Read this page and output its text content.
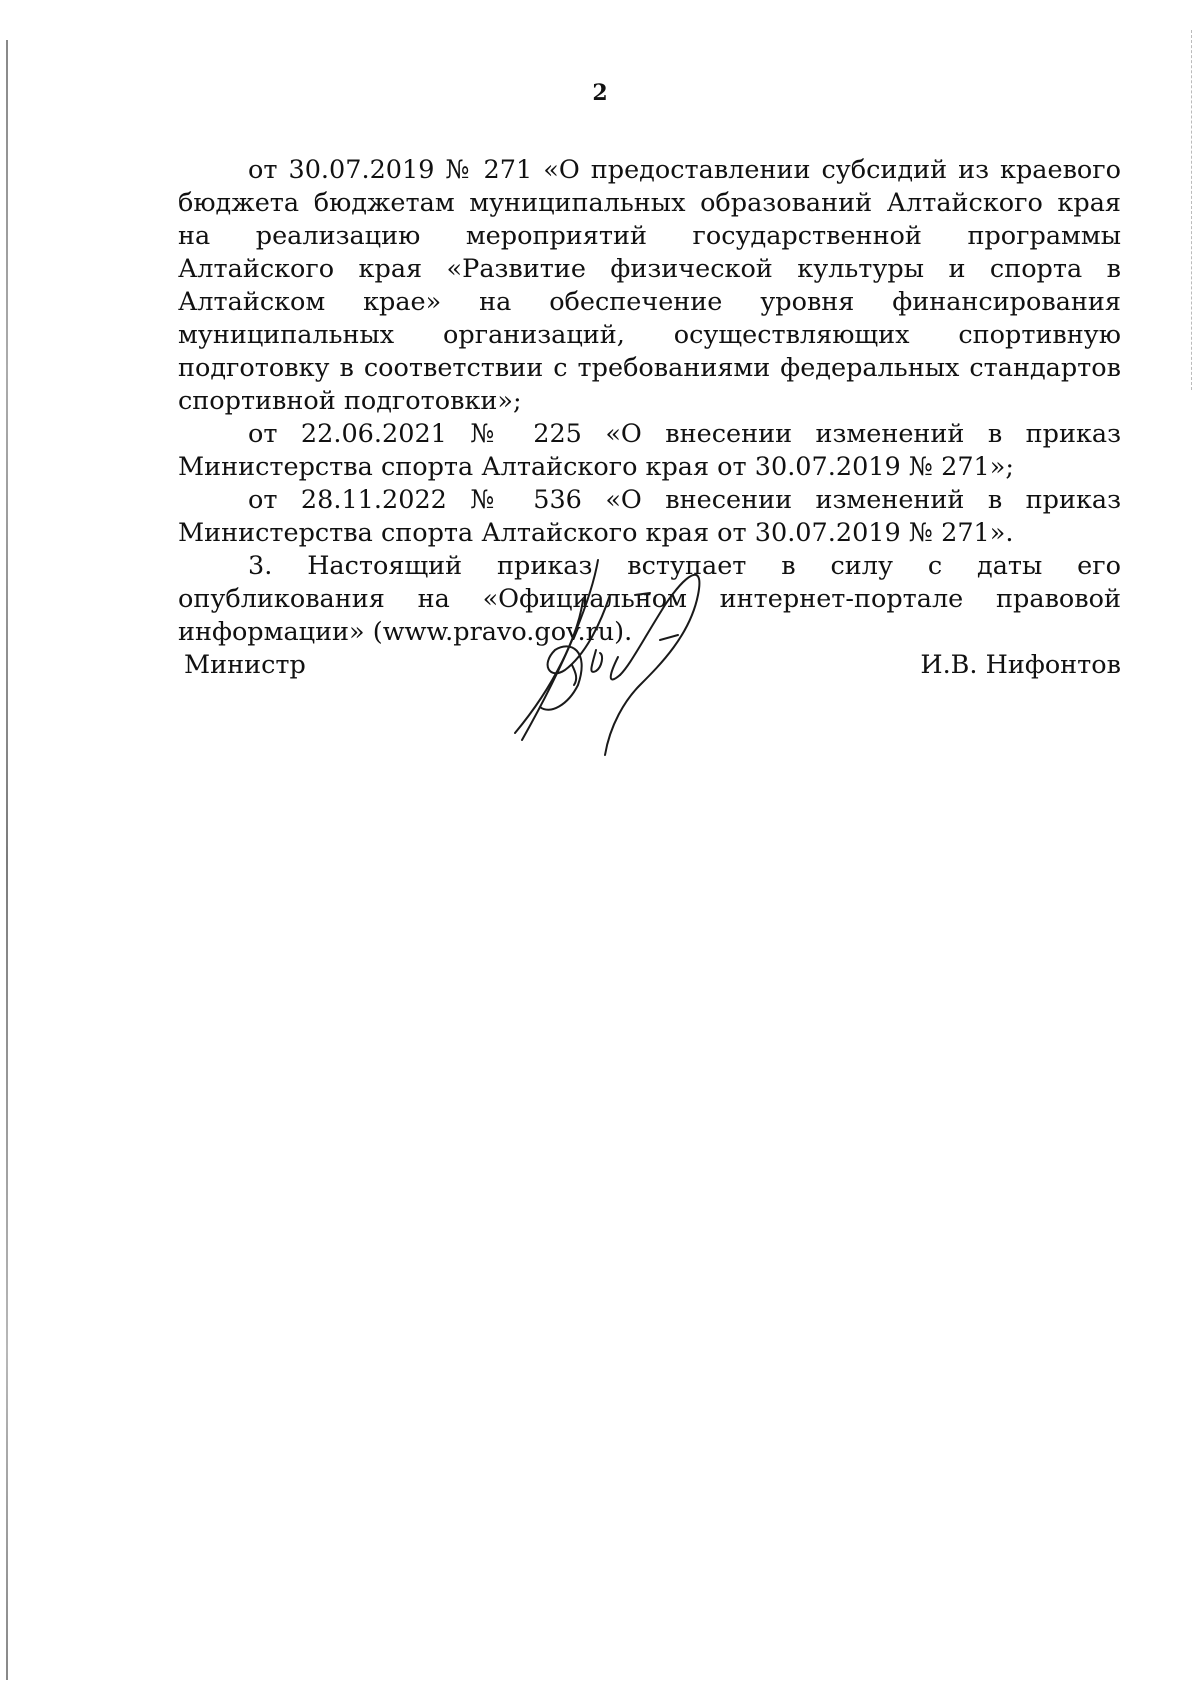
2

от 30.07.2019 № 271 «О предоставлении субсидий из краевого бюджета бюджетам муниципальных образований Алтайского края на реализацию мероприятий государственной программы Алтайского края «Развитие физической культуры и спорта в Алтайском крае» на обеспечение уровня финансирования муниципальных организаций, осуществляющих спортивную подготовку в соответствии с требованиями федеральных стандартов спортивной подготовки»;

от 22.06.2021 № 225 «О внесении изменений в приказ Министерства спорта Алтайского края от 30.07.2019 № 271»;

от 28.11.2022 № 536 «О внесении изменений в приказ Министерства спорта Алтайского края от 30.07.2019 № 271».

3. Настоящий приказ вступает в силу с даты его опубликования на «Официальном интернет-портале правовой информации» (www.pravo.gov.ru).

Министр	И.В. Нифонтов
